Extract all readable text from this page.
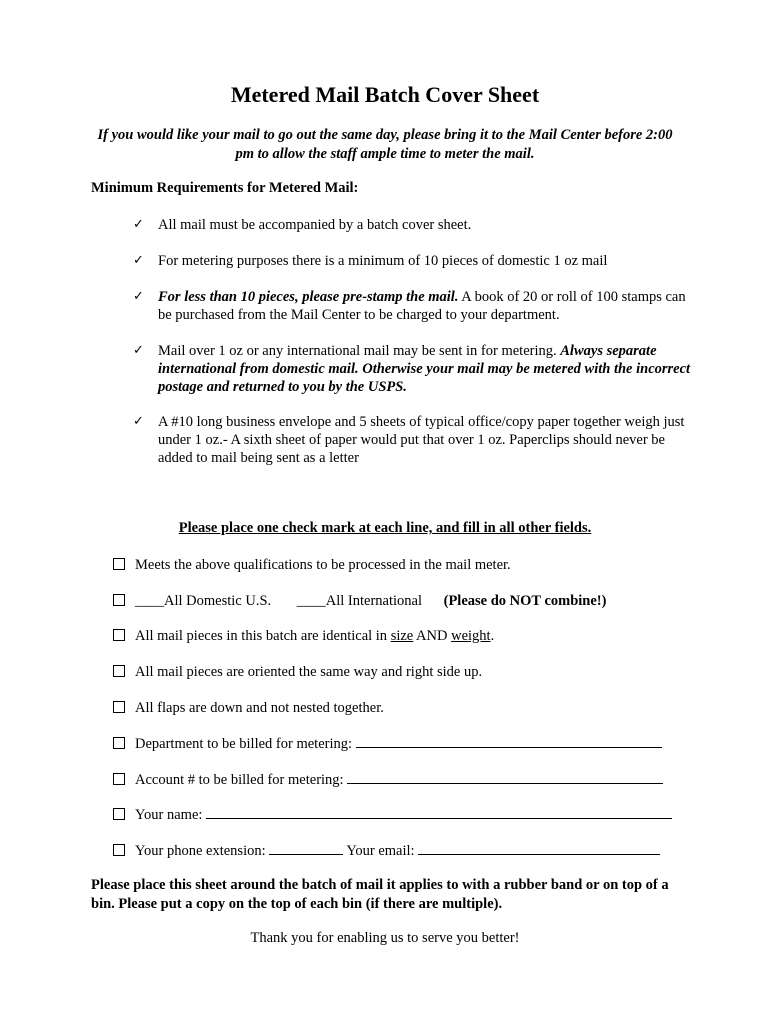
Metered Mail Batch Cover Sheet
If you would like your mail to go out the same day, please bring it to the Mail Center before 2:00 pm to allow the staff ample time to meter the mail.
Minimum Requirements for Metered Mail:
✓ All mail must be accompanied by a batch cover sheet.
✓ For metering purposes there is a minimum of 10 pieces of domestic 1 oz mail
✓ For less than 10 pieces, please pre-stamp the mail. A book of 20 or roll of 100 stamps can be purchased from the Mail Center to be charged to your department.
✓ Mail over 1 oz or any international mail may be sent in for metering. Always separate international from domestic mail. Otherwise your mail may be metered with the incorrect postage and returned to you by the USPS.
✓ A #10 long business envelope and 5 sheets of typical office/copy paper together weigh just under 1 oz.- A sixth sheet of paper would put that over 1 oz. Paperclips should never be added to mail being sent as a letter
Please place one check mark at each line, and fill in all other fields.
Meets the above qualifications to be processed in the mail meter.
____All Domestic U.S. ____All International (Please do NOT combine!)
All mail pieces in this batch are identical in size AND weight.
All mail pieces are oriented the same way and right side up.
All flaps are down and not nested together.
Department to be billed for metering:
Account # to be billed for metering:
Your name:
Your phone extension:	Your email:
Please place this sheet around the batch of mail it applies to with a rubber band or on top of a bin. Please put a copy on the top of each bin (if there are multiple).
Thank you for enabling us to serve you better!
